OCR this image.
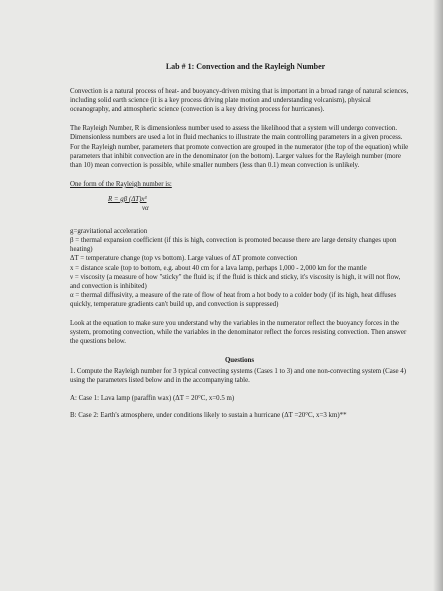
Lab # 1: Convection and the Rayleigh Number

Convection is a natural process of heat- and buoyancy-driven mixing that is important in a broad range of natural sciences, including solid earth science (it is a key process driving plate motion and understanding volcanism), physical oceanography, and atmospheric science (convection is a key driving process for hurricanes).

The Rayleigh Number, R is dimensionless number used to assess the likelihood that a system will undergo convection. Dimensionless numbers are used a lot in fluid mechanics to illustrate the main controlling parameters in a given process. For the Rayleigh number, parameters that promote convection are grouped in the numerator (the top of the equation) while parameters that inhibit convection are in the denominator (on the bottom). Larger values for the Rayleigh number (more than 10) mean convection is possible, while smaller numbers (less than 0.1) mean convection is unlikely.

One form of the Rayleigh number is:

R = gβ (ΔT)x³
να

g=gravitational acceleration

β = thermal expansion coefficient (if this is high, convection is promoted because there are large density changes upon heating)

ΔT = temperature change (top vs bottom). Large values of ΔT promote convection

x = distance scale (top to bottom, e.g. about 40 cm for a lava lamp, perhaps 1,000 - 2,000 km for the mantle

ν = viscosity (a measure of how "sticky" the fluid is; if the fluid is thick and sticky, it's viscosity is high, it will not flow, and convection is inhibited)

α = thermal diffusivity, a measure of the rate of flow of heat from a hot body to a colder body (if its high, heat diffuses quickly, temperature gradients can't build up, and convection is suppressed)

Look at the equation to make sure you understand why the variables in the numerator reflect the buoyancy forces in the system, promoting convection, while the variables in the denominator reflect the forces resisting convection. Then answer the questions below.

Questions

1. Compute the Rayleigh number for 3 typical convecting systems (Cases 1 to 3) and one non-convecting system (Case 4) using the parameters listed below and in the accompanying table.

A: Case 1: Lava lamp (paraffin wax) (ΔT = 20°C, x=0.5 m)

B: Case 2: Earth's atmosphere, under conditions likely to sustain a hurricane (ΔT =20°C, x=3 km)**
